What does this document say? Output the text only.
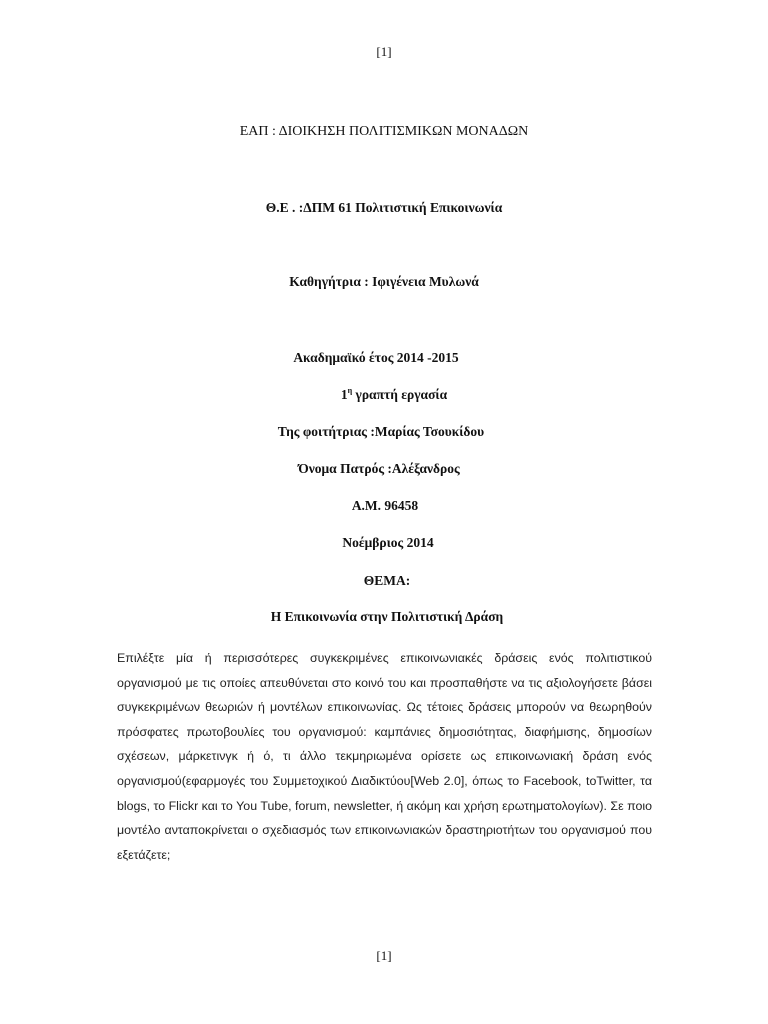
[1]
ΕΑΠ : ΔΙΟΙΚΗΣΗ ΠΟΛΙΤΙΣΜΙΚΩΝ ΜΟΝΑΔΩΝ
Θ.Ε . :ΔΠΜ 61 Πολιτιστική Επικοινωνία
Καθηγήτρια : Ιφιγένεια Μυλωνά
Ακαδημαϊκό έτος 2014 -2015
$1^\eta$ γραπτή εργασία
Της φοιτήτριας :Μαρίας Τσουκίδου
Όνομα Πατρός :Αλέξανδρος
Α.Μ. 96458
Νοέμβριος 2014
ΘΕΜΑ:
Η Επικοινωνία στην Πολιτιστική Δράση

Επιλέξτε μία ή περισσότερες συγκεκριμένες επικοινωνιακές δράσεις ενός πολιτιστικού οργανισμού με τις οποίες απευθύνεται στο κοινό του και προσπαθήστε να τις αξιολογήσετε βάσει συγκεκριμένων θεωριών ή μοντέλων επικοινωνίας. Ως τέτοιες δράσεις μπορούν να θεωρηθούν πρόσφατες πρωτοβουλίες του οργανισμού: καμπάνιες δημοσιότητας, διαφήμισης, δημοσίων σχέσεων, μάρκετινγκ ή ό, τι άλλο τεκμηριωμένα ορίσετε ως επικοινωνιακή δράση ενός οργανισμού(εφαρμογές του Συμμετοχικού Διαδικτύου[Web 2.0], όπως το Facebook, toTwitter, τα blogs, το Flickr και το You Tube, forum, newsletter, ή ακόμη και χρήση ερωτηματολογίων). Σε ποιο μοντέλο ανταποκρίνεται ο σχεδιασμός των επικοινωνιακών δραστηριοτήτων του οργανισμού που εξετάζετε;

[1]
